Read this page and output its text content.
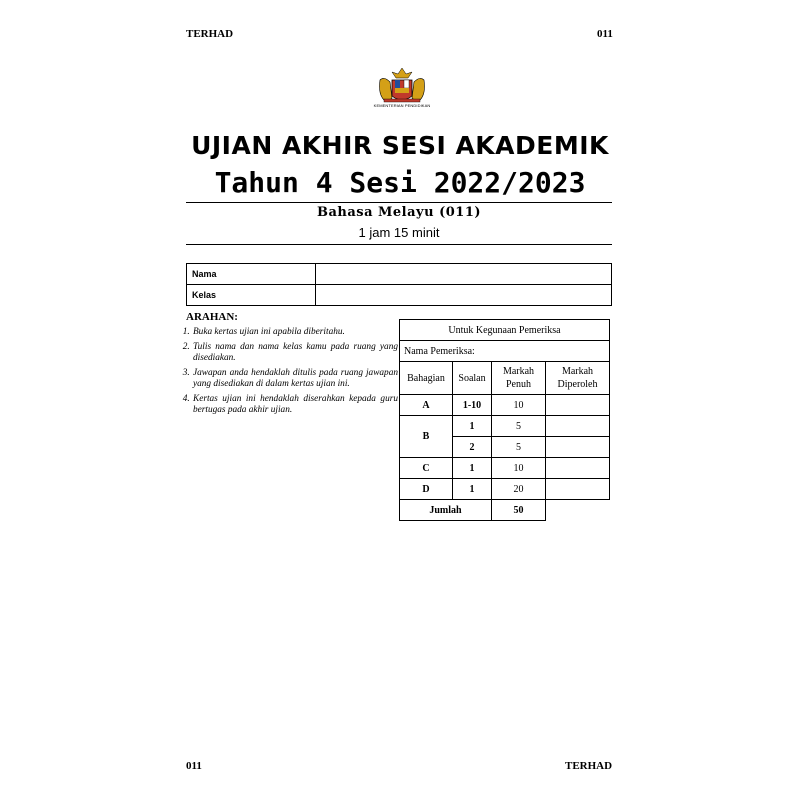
TERHAD	011
KEMENTERIAN PENDIDIKAN
UJIAN AKHIR SESI AKADEMIK
Tahun 4 Sesi 2022/2023
Bahasa Melayu (011)
1 jam 15 minit
Nama	
Kelas	
ARAHAN:
1. Buka kertas ujian ini apabila diberitahu.
2. Tulis nama dan nama kelas kamu pada ruang yang disediakan.
3. Jawapan anda hendaklah ditulis pada ruang jawapan yang disediakan di dalam kertas ujian ini.
4. Kertas ujian ini hendaklah diserahkan kepada guru bertugas pada akhir ujian.
Untuk Kegunaan Pemeriksa			
Nama Pemeriksa:			
Bahagian	Soalan	Markah Penuh	Markah Diperoleh
A	1-10	10	
B	1	5	
	2	5	
C	1	10	
D	1	20	
Jumlah		50	
011	TERHAD
